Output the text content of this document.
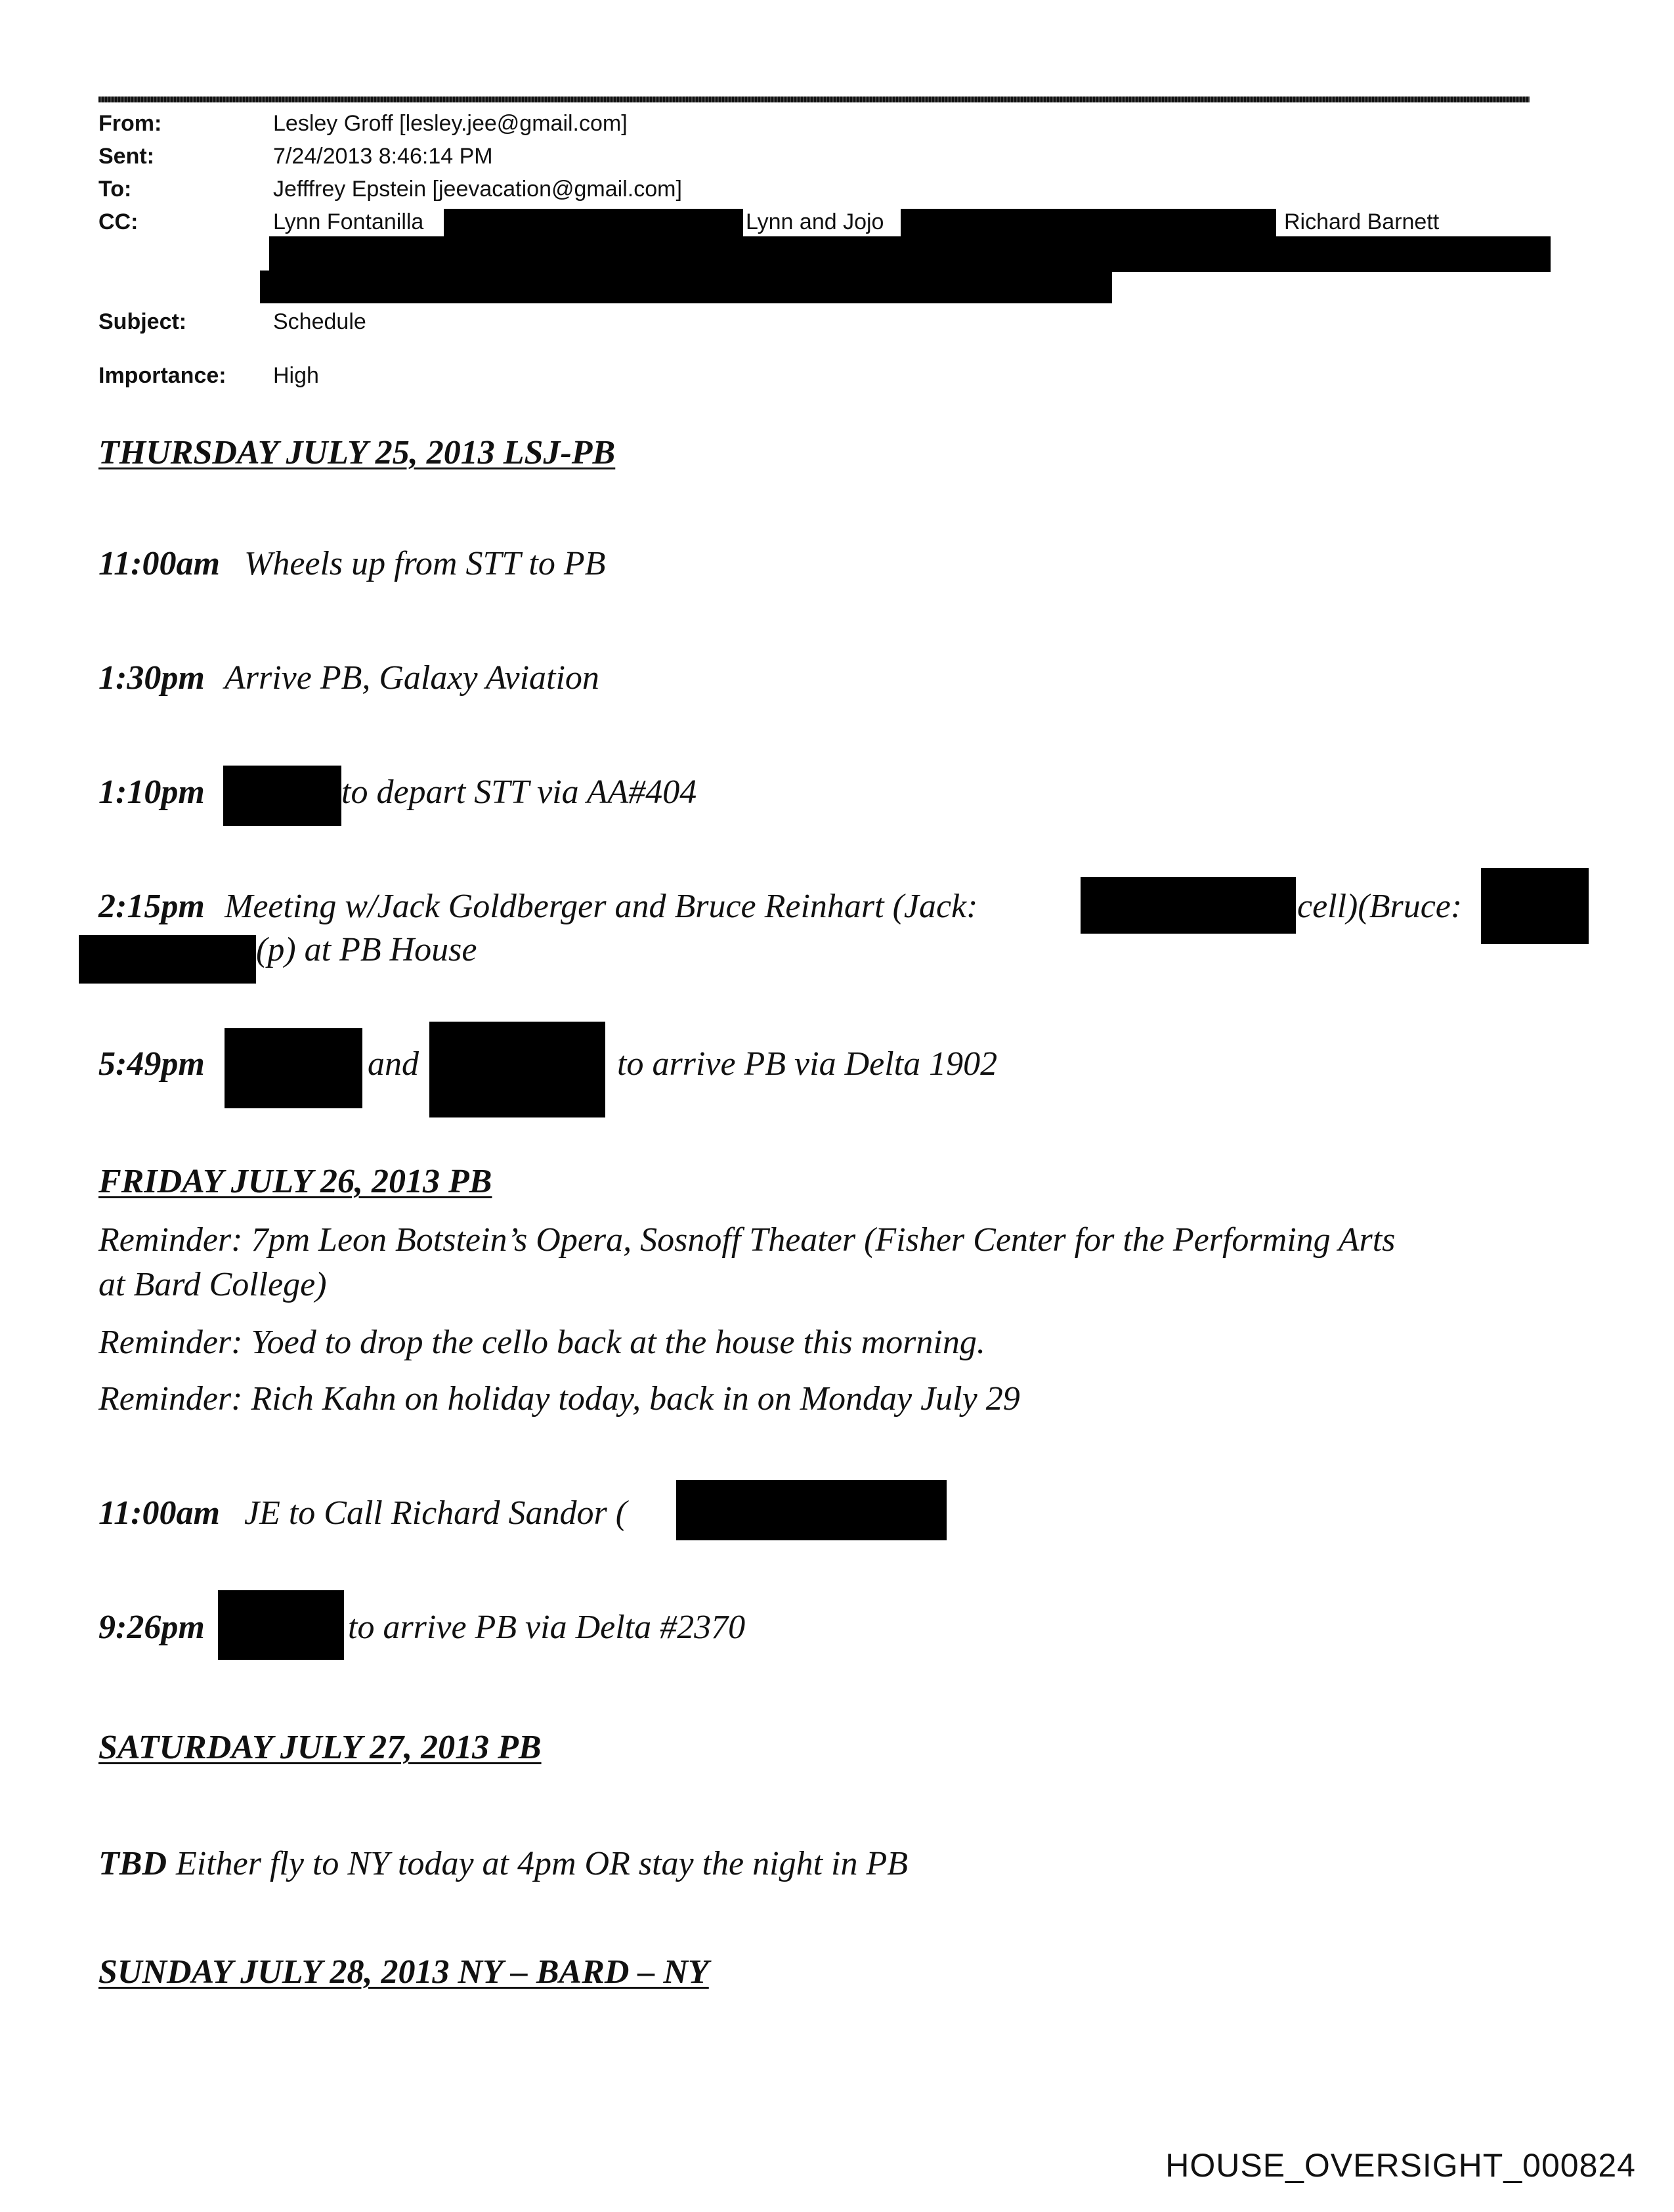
From:	Lesley Groff [lesley.jee@gmail.com]
Sent:	7/24/2013 8:46:14 PM
To:	Jefffrey Epstein [jeevacation@gmail.com]
CC:	Lynn Fontanilla	Lynn and Jojo	Richard Barnett
Subject:	Schedule
Importance: High
THURSDAY JULY 25, 2013 LSJ-PB
11:00am Wheels up from STT to PB
1:30pm Arrive PB, Galaxy Aviation
1:10pm	to depart STT via AA#404
2:15pm Meeting w/Jack Goldberger and Bruce Reinhart (Jack:	cell)(Bruce:
(p) at PB House
5:49pm	and	to arrive PB via Delta 1902
FRIDAY JULY 26, 2013 PB
Reminder: 7pm Leon Botstein’s Opera, Sosnoff Theater (Fisher Center for the Performing Arts
at Bard College)
Reminder: Yoed to drop the cello back at the house this morning.
Reminder: Rich Kahn on holiday today, back in on Monday July 29
11:00am JE to Call Richard Sandor (
9:26pm	to arrive PB via Delta #2370
SATURDAY JULY 27, 2013 PB
TBD Either fly to NY today at 4pm OR stay the night in PB
SUNDAY JULY 28, 2013 NY – BARD – NY
HOUSE_OVERSIGHT_000824
